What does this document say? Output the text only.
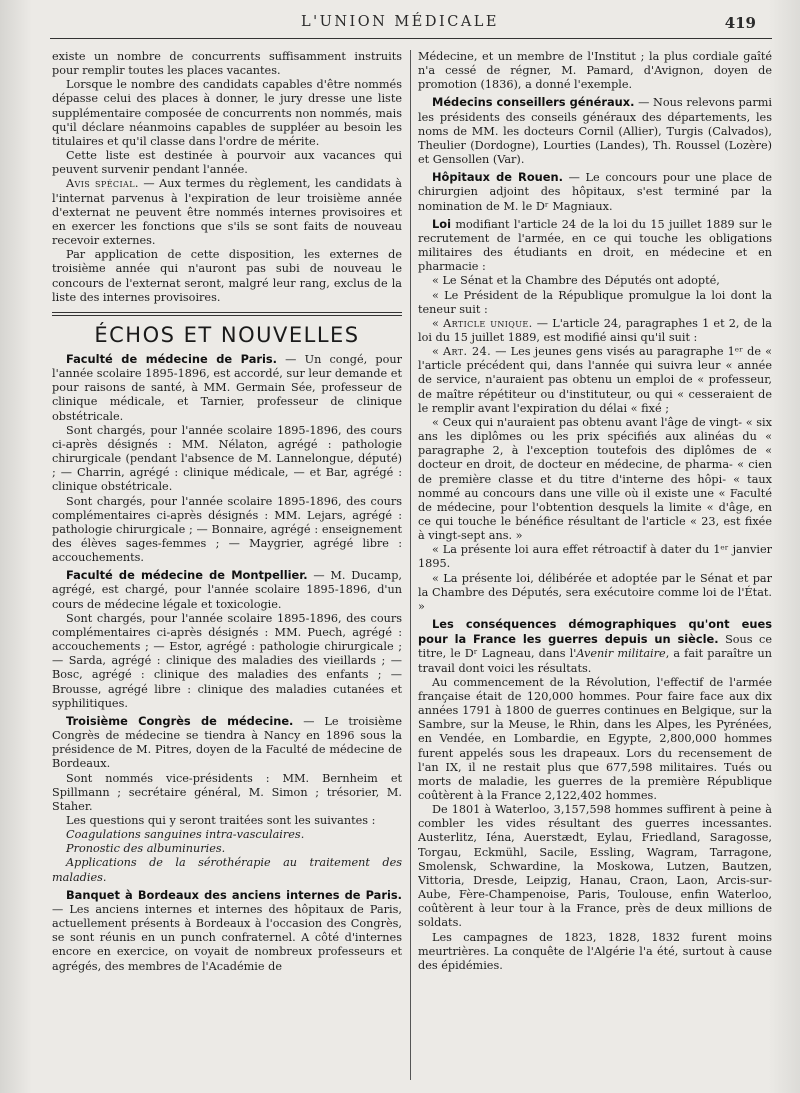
L'UNION MÉDICALE	419

existe un nombre de concurrents suffisamment instruits pour remplir toutes les places vacantes.

Lorsque le nombre des candidats capables d'être nommés dépasse celui des places à donner, le jury dresse une liste supplémentaire composée de concurrents non nommés, mais qu'il déclare néanmoins capables de suppléer au besoin les titulaires et qu'il classe dans l'ordre de mérite.

Cette liste est destinée à pourvoir aux vacances qui peuvent survenir pendant l'année.

Avis spécial. — Aux termes du règlement, les candidats à l'internat parvenus à l'expiration de leur troisième année d'externat ne peuvent être nommés internes provisoires et en exercer les fonctions que s'ils se sont faits de nouveau recevoir externes.

Par application de cette disposition, les externes de troisième année qui n'auront pas subi de nouveau le concours de l'externat seront, malgré leur rang, exclus de la liste des internes provisoires.

ÉCHOS ET NOUVELLES

Faculté de médecine de Paris. — Un congé, pour l'année scolaire 1895-1896, est accordé, sur leur demande et pour raisons de santé, à MM. Germain Sée, professeur de clinique médicale, et Tarnier, professeur de clinique obstétricale.

Sont chargés, pour l'année scolaire 1895-1896, des cours ci-après désignés : MM. Nélaton, agrégé : pathologie chirurgicale (pendant l'absence de M. Lannelongue, député) ; — Charrin, agrégé : clinique médicale, — et Bar, agrégé : clinique obstétricale.

Sont chargés, pour l'année scolaire 1895-1896, des cours complémentaires ci-après désignés : MM. Lejars, agrégé : pathologie chirurgicale ; — Bonnaire, agrégé : enseignement des élèves sages-femmes ; — Maygrier, agrégé libre : accouchements.

Faculté de médecine de Montpellier. — M. Ducamp, agrégé, est chargé, pour l'année scolaire 1895-1896, d'un cours de médecine légale et toxicologie.

Sont chargés, pour l'année scolaire 1895-1896, des cours complémentaires ci-après désignés : MM. Puech, agrégé : accouchements ; — Estor, agrégé : pathologie chirurgicale ; — Sarda, agrégé : clinique des maladies des vieillards ; — Bosc, agrégé : clinique des maladies des enfants ; — Brousse, agrégé libre : clinique des maladies cutanées et syphilitiques.

Troisième Congrès de médecine. — Le troisième Congrès de médecine se tiendra à Nancy en 1896 sous la présidence de M. Pitres, doyen de la Faculté de médecine de Bordeaux.

Sont nommés vice-présidents : MM. Bernheim et Spillmann ; secrétaire général, M. Simon ; trésorier, M. Staher.

Les questions qui y seront traitées sont les suivantes :

Coagulations sanguines intra-vasculaires.

Pronostic des albuminuries.

Applications de la sérothérapie au traitement des maladies.

Banquet à Bordeaux des anciens internes de Paris. — Les anciens internes et internes des hôpitaux de Paris, actuellement présents à Bordeaux à l'occasion des Congrès, se sont réunis en un punch confraternel. A côté d'internes encore en exercice, on voyait de nombreux professeurs et agrégés, des membres de l'Académie de

Médecine, et un membre de l'Institut ; la plus cordiale gaîté n'a cessé de régner, M. Pamard, d'Avignon, doyen de promotion (1836), a donné l'exemple.

Médecins conseillers généraux. — Nous relevons parmi les présidents des conseils généraux des départements, les noms de MM. les docteurs Cornil (Allier), Turgis (Calvados), Theulier (Dordogne), Lourties (Landes), Th. Roussel (Lozère) et Gensollen (Var).

Hôpitaux de Rouen. — Le concours pour une place de chirurgien adjoint des hôpitaux, s'est terminé par la nomination de M. le Dʳ Magniaux.

Loi modifiant l'article 24 de la loi du 15 juillet 1889 sur le recrutement de l'armée, en ce qui touche les obligations militaires des étudiants en droit, en médecine et en pharmacie :

« Le Sénat et la Chambre des Députés ont adopté,

« Le Président de la République promulgue la loi dont la teneur suit :

« Article unique. — L'article 24, paragraphes 1 et 2, de la loi du 15 juillet 1889, est modifié ainsi qu'il suit :

« Art. 24. — Les jeunes gens visés au paragraphe 1ᵉʳ de « l'article précédent qui, dans l'année qui suivra leur « année de service, n'auraient pas obtenu un emploi de « professeur, de maître répétiteur ou d'instituteur, ou qui « cesseraient de le remplir avant l'expiration du délai « fixé ;

« Ceux qui n'auraient pas obtenu avant l'âge de vingt- « six ans les diplômes ou les prix spécifiés aux alinéas du « paragraphe 2, à l'exception toutefois des diplômes de « docteur en droit, de docteur en médecine, de pharma- « cien de première classe et du titre d'interne des hôpi- « taux nommé au concours dans une ville où il existe une « Faculté de médecine, pour l'obtention desquels la limite « d'âge, en ce qui touche le bénéfice résultant de l'article « 23, est fixée à vingt-sept ans. »

« La présente loi aura effet rétroactif à dater du 1ᵉʳ janvier 1895.

« La présente loi, délibérée et adoptée par le Sénat et par la Chambre des Députés, sera exécutoire comme loi de l'État. »

Les conséquences démographiques qu'ont eues pour la France les guerres depuis un siècle. Sous ce titre, le Dʳ Lagneau, dans l'Avenir militaire, a fait paraître un travail dont voici les résultats.

Au commencement de la Révolution, l'effectif de l'armée française était de 120,000 hommes. Pour faire face aux dix années 1791 à 1800 de guerres continues en Belgique, sur la Sambre, sur la Meuse, le Rhin, dans les Alpes, les Pyrénées, en Vendée, en Lombardie, en Egypte, 2,800,000 hommes furent appelés sous les drapeaux. Lors du recensement de l'an IX, il ne restait plus que 677,598 militaires. Tués ou morts de maladie, les guerres de la première République coûtèrent à la France 2,122,402 hommes.

De 1801 à Waterloo, 3,157,598 hommes suffirent à peine à combler les vides résultant des guerres incessantes. Austerlitz, Iéna, Auerstædt, Eylau, Friedland, Saragosse, Torgau, Eckmühl, Sacile, Essling, Wagram, Tarragone, Smolensk, Schwardine, la Moskowa, Lutzen, Bautzen, Vittoria, Dresde, Leipzig, Hanau, Craon, Laon, Arcis-sur-Aube, Fère-Champenoise, Paris, Toulouse, enfin Waterloo, coûtèrent à leur tour à la France, près de deux millions de soldats.

Les campagnes de 1823, 1828, 1832 furent moins meurtrières. La conquête de l'Algérie l'a été, surtout à cause des épidémies.
